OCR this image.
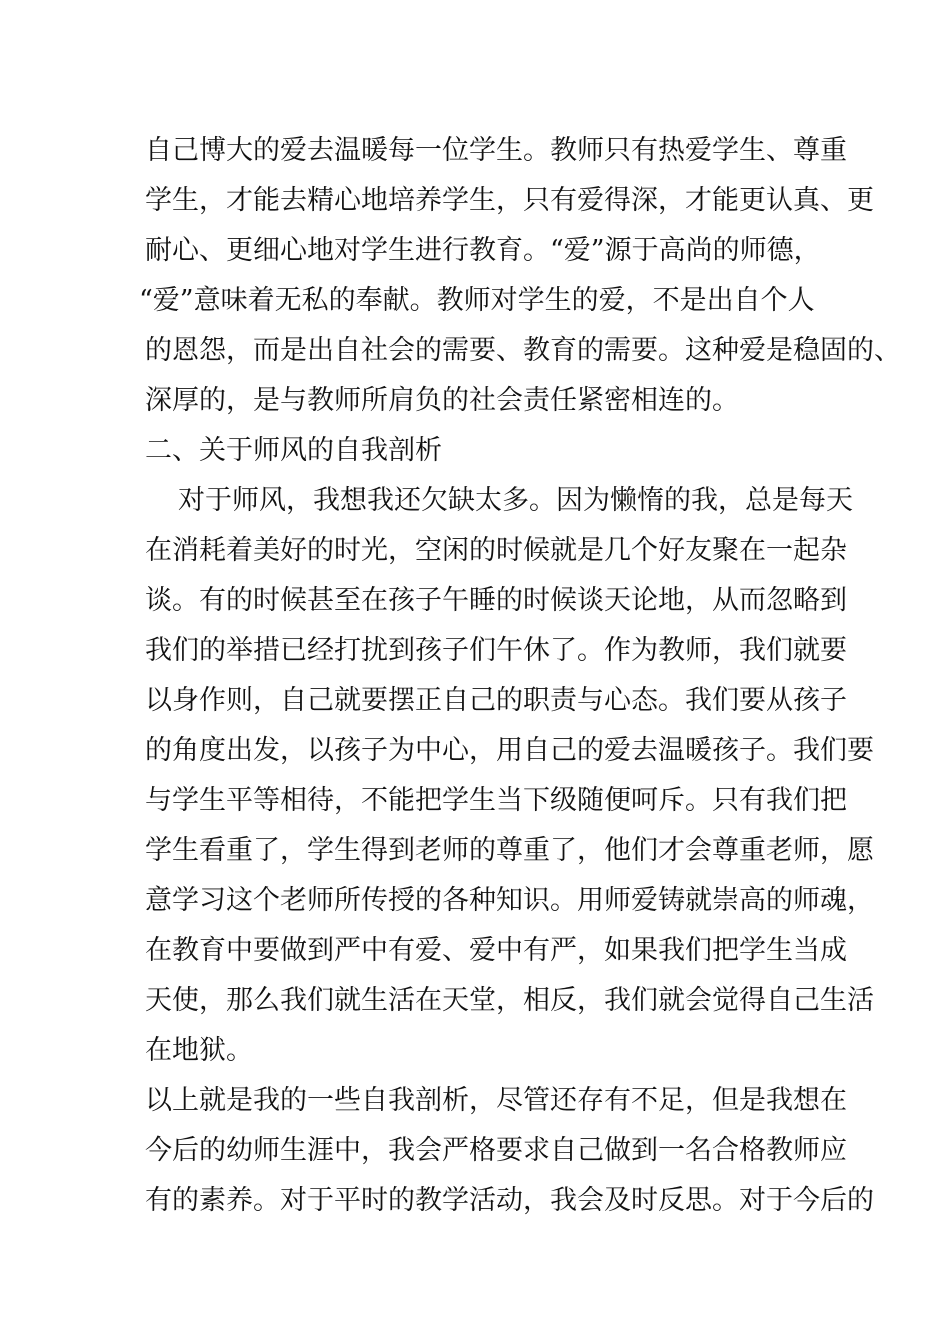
自己博大的爱去温暖每一位学生。教师只有热爱学生、尊重
学生，才能去精心地培养学生，只有爱得深，才能更认真、更
耐心、更细心地对学生进行教育。“爱”源于高尚的师德，
“爱”意味着无私的奉献。教师对学生的爱，不是出自个人
的恩怨，而是出自社会的需要、教育的需要。这种爱是稳固的、
深厚的，是与教师所肩负的社会责任紧密相连的。
二、关于师风的自我剖析
对于师风，我想我还欠缺太多。因为懒惰的我，总是每天
在消耗着美好的时光，空闲的时候就是几个好友聚在一起杂
谈。有的时候甚至在孩子午睡的时候谈天论地，从而忽略到
我们的举措已经打扰到孩子们午休了。作为教师，我们就要
以身作则，自己就要摆正自己的职责与心态。我们要从孩子
的角度出发，以孩子为中心，用自己的爱去温暖孩子。我们要
与学生平等相待，不能把学生当下级随便呵斥。只有我们把
学生看重了，学生得到老师的尊重了，他们才会尊重老师，愿
意学习这个老师所传授的各种知识。用师爱铸就崇高的师魂，
在教育中要做到严中有爱、爱中有严，如果我们把学生当成
天使，那么我们就生活在天堂，相反，我们就会觉得自己生活
在地狱。
以上就是我的一些自我剖析，尽管还存有不足，但是我想在
今后的幼师生涯中，我会严格要求自己做到一名合格教师应
有的素养。对于平时的教学活动，我会及时反思。对于今后的
